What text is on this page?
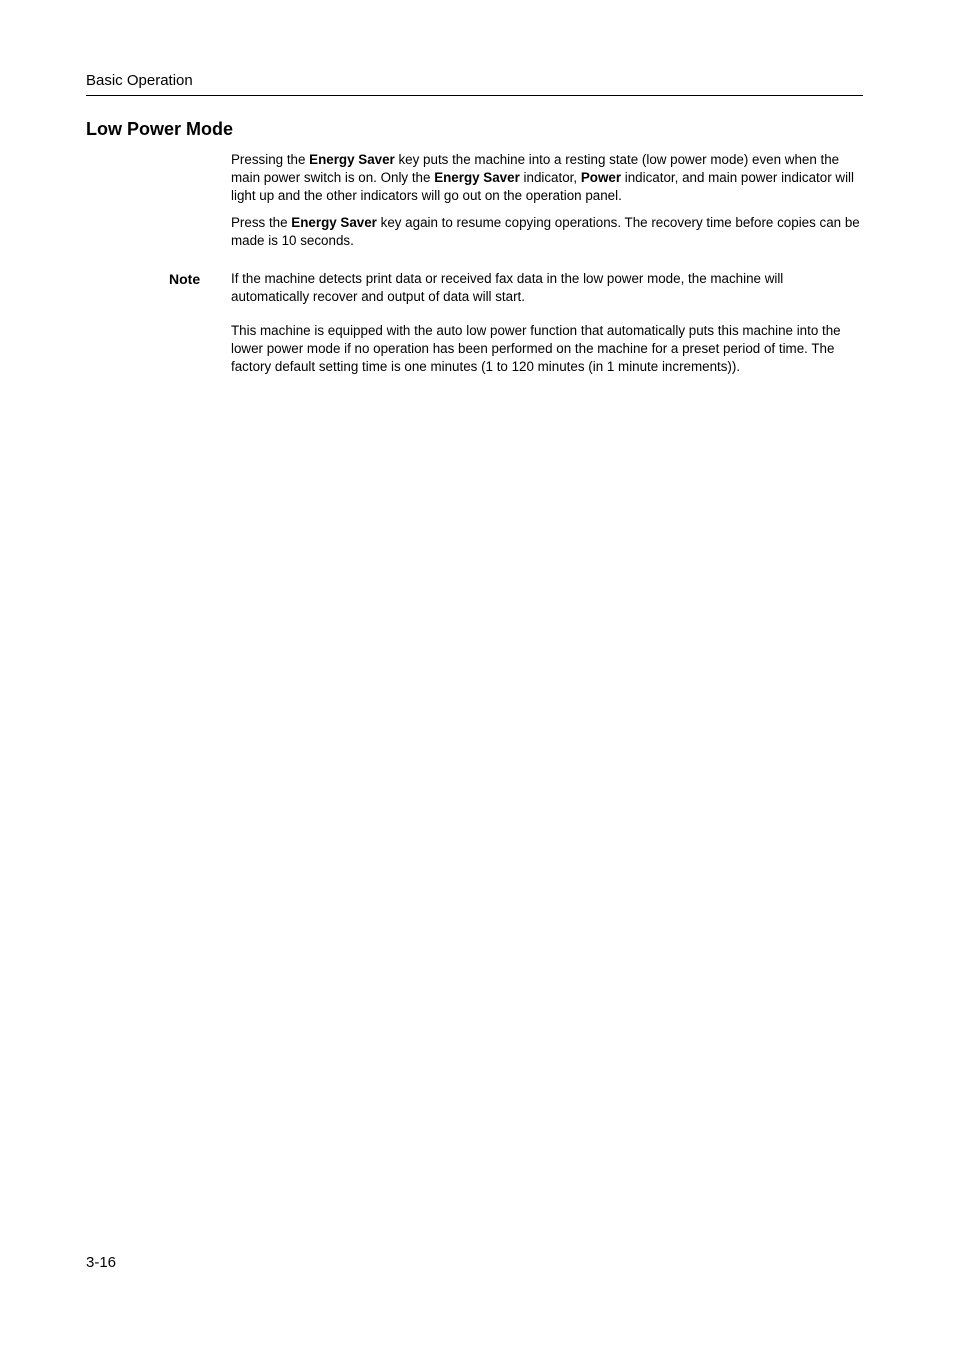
Basic Operation
Low Power Mode

Pressing the Energy Saver key puts the machine into a resting state (low power mode) even when the main power switch is on. Only the Energy Saver indicator, Power indicator, and main power indicator will light up and the other indicators will go out on the operation panel.

Press the Energy Saver key again to resume copying operations. The recovery time before copies can be made is 10 seconds.

Note If the machine detects print data or received fax data in the low power mode, the machine will automatically recover and output of data will start.

This machine is equipped with the auto low power function that automatically puts this machine into the lower power mode if no operation has been performed on the machine for a preset period of time. The factory default setting time is one minutes (1 to 120 minutes (in 1 minute increments)).

3-16
